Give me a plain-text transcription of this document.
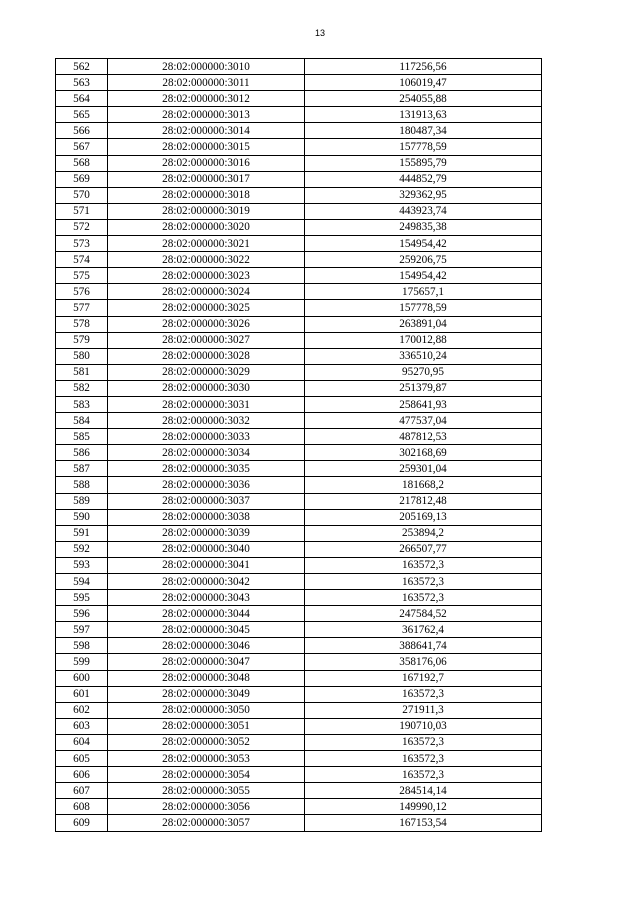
13
562	28:02:000000:3010	117256,56
563	28:02:000000:3011	106019,47
564	28:02:000000:3012	254055,88
565	28:02:000000:3013	131913,63
566	28:02:000000:3014	180487,34
567	28:02:000000:3015	157778,59
568	28:02:000000:3016	155895,79
569	28:02:000000:3017	444852,79
570	28:02:000000:3018	329362,95
571	28:02:000000:3019	443923,74
572	28:02:000000:3020	249835,38
573	28:02:000000:3021	154954,42
574	28:02:000000:3022	259206,75
575	28:02:000000:3023	154954,42
576	28:02:000000:3024	175657,1
577	28:02:000000:3025	157778,59
578	28:02:000000:3026	263891,04
579	28:02:000000:3027	170012,88
580	28:02:000000:3028	336510,24
581	28:02:000000:3029	95270,95
582	28:02:000000:3030	251379,87
583	28:02:000000:3031	258641,93
584	28:02:000000:3032	477537,04
585	28:02:000000:3033	487812,53
586	28:02:000000:3034	302168,69
587	28:02:000000:3035	259301,04
588	28:02:000000:3036	181668,2
589	28:02:000000:3037	217812,48
590	28:02:000000:3038	205169,13
591	28:02:000000:3039	253894,2
592	28:02:000000:3040	266507,77
593	28:02:000000:3041	163572,3
594	28:02:000000:3042	163572,3
595	28:02:000000:3043	163572,3
596	28:02:000000:3044	247584,52
597	28:02:000000:3045	361762,4
598	28:02:000000:3046	388641,74
599	28:02:000000:3047	358176,06
600	28:02:000000:3048	167192,7
601	28:02:000000:3049	163572,3
602	28:02:000000:3050	271911,3
603	28:02:000000:3051	190710,03
604	28:02:000000:3052	163572,3
605	28:02:000000:3053	163572,3
606	28:02:000000:3054	163572,3
607	28:02:000000:3055	284514,14
608	28:02:000000:3056	149990,12
609	28:02:000000:3057	167153,54
